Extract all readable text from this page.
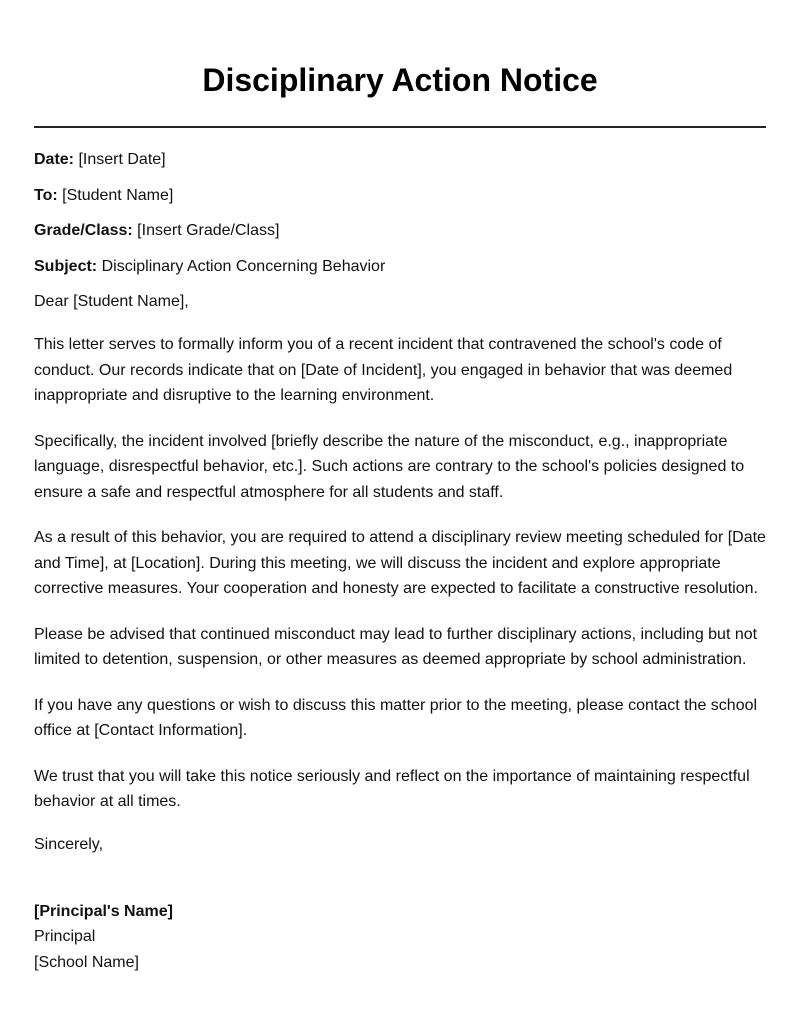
Disciplinary Action Notice

Date: [Insert Date]

To: [Student Name]

Grade/Class: [Insert Grade/Class]

Subject: Disciplinary Action Concerning Behavior

Dear [Student Name],

This letter serves to formally inform you of a recent incident that contravened the school's code of conduct. Our records indicate that on [Date of Incident], you engaged in behavior that was deemed inappropriate and disruptive to the learning environment.

Specifically, the incident involved [briefly describe the nature of the misconduct, e.g., inappropriate language, disrespectful behavior, etc.]. Such actions are contrary to the school's policies designed to ensure a safe and respectful atmosphere for all students and staff.

As a result of this behavior, you are required to attend a disciplinary review meeting scheduled for [Date and Time], at [Location]. During this meeting, we will discuss the incident and explore appropriate corrective measures. Your cooperation and honesty are expected to facilitate a constructive resolution.

Please be advised that continued misconduct may lead to further disciplinary actions, including but not limited to detention, suspension, or other measures as deemed appropriate by school administration.

If you have any questions or wish to discuss this matter prior to the meeting, please contact the school office at [Contact Information].

We trust that you will take this notice seriously and reflect on the importance of maintaining respectful behavior at all times.

Sincerely,

[Principal's Name]
Principal
[School Name]
